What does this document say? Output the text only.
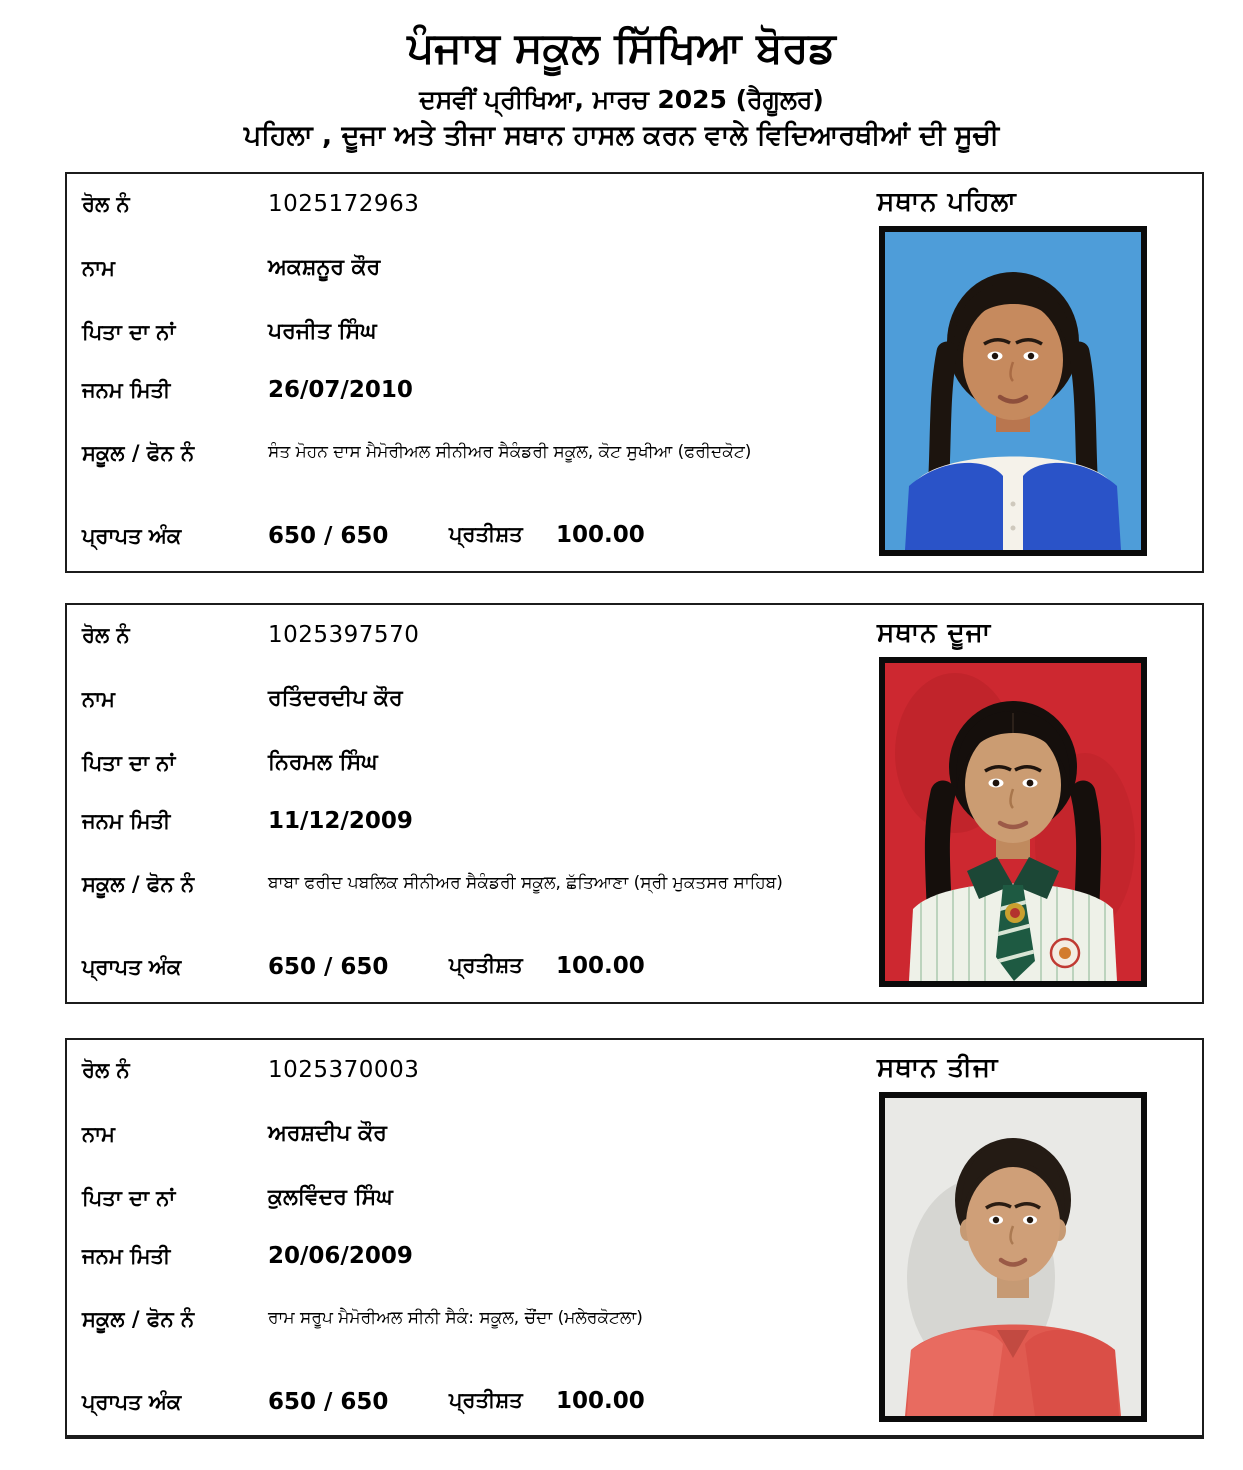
ਪੰਜਾਬ ਸਕੂਲ ਸਿੱਖਿਆ ਬੋਰਡ
ਦਸਵੀਂ ਪ੍ਰੀਖਿਆ, ਮਾਰਚ 2025 (ਰੈਗੂਲਰ)
ਪਹਿਲਾ , ਦੂਜਾ ਅਤੇ ਤੀਜਾ ਸਥਾਨ ਹਾਸਲ ਕਰਨ ਵਾਲੇ ਵਿਦਿਆਰਥੀਆਂ ਦੀ ਸੂਚੀ
ਰੋਲ ਨੰ	1025172963
ਨਾਮ	ਅਕਸ਼ਨੂਰ ਕੌਰ
ਪਿਤਾ ਦਾ ਨਾਂ	ਪਰਜੀਤ ਸਿੰਘ
ਜਨਮ ਮਿਤੀ	26/07/2010
ਸਕੂਲ / ਫੋਨ ਨੰ	ਸੰਤ ਮੋਹਨ ਦਾਸ ਮੈਮੋਰੀਅਲ ਸੀਨੀਅਰ ਸੈਕੰਡਰੀ ਸਕੂਲ, ਕੋਟ ਸੁਖੀਆ (ਫਰੀਦਕੋਟ)
ਪ੍ਰਾਪਤ ਅੰਕ	650 / 650	ਪ੍ਰਤੀਸ਼ਤ 100.00
ਸਥਾਨ ਪਹਿਲਾ
ਰੋਲ ਨੰ	1025397570
ਨਾਮ	ਰਤਿੰਦਰਦੀਪ ਕੌਰ
ਪਿਤਾ ਦਾ ਨਾਂ	ਨਿਰਮਲ ਸਿੰਘ
ਜਨਮ ਮਿਤੀ	11/12/2009
ਸਕੂਲ / ਫੋਨ ਨੰ	ਬਾਬਾ ਫਰੀਦ ਪਬਲਿਕ ਸੀਨੀਅਰ ਸੈਕੰਡਰੀ ਸਕੂਲ, ਛੱਤਿਆਣਾ (ਸ੍ਰੀ ਮੁਕਤਸਰ ਸਾਹਿਬ)
ਪ੍ਰਾਪਤ ਅੰਕ	650 / 650	ਪ੍ਰਤੀਸ਼ਤ 100.00
ਸਥਾਨ ਦੂਜਾ
ਰੋਲ ਨੰ	1025370003
ਨਾਮ	ਅਰਸ਼ਦੀਪ ਕੌਰ
ਪਿਤਾ ਦਾ ਨਾਂ	ਕੁਲਵਿੰਦਰ ਸਿੰਘ
ਜਨਮ ਮਿਤੀ	20/06/2009
ਸਕੂਲ / ਫੋਨ ਨੰ	ਰਾਮ ਸਰੂਪ ਮੈਮੋਰੀਅਲ ਸੀਨੀ ਸੈਕੰ: ਸਕੂਲ, ਚੌਂਦਾ (ਮਲੇਰਕੋਟਲਾ)
ਪ੍ਰਾਪਤ ਅੰਕ	650 / 650	ਪ੍ਰਤੀਸ਼ਤ 100.00
ਸਥਾਨ ਤੀਜਾ
